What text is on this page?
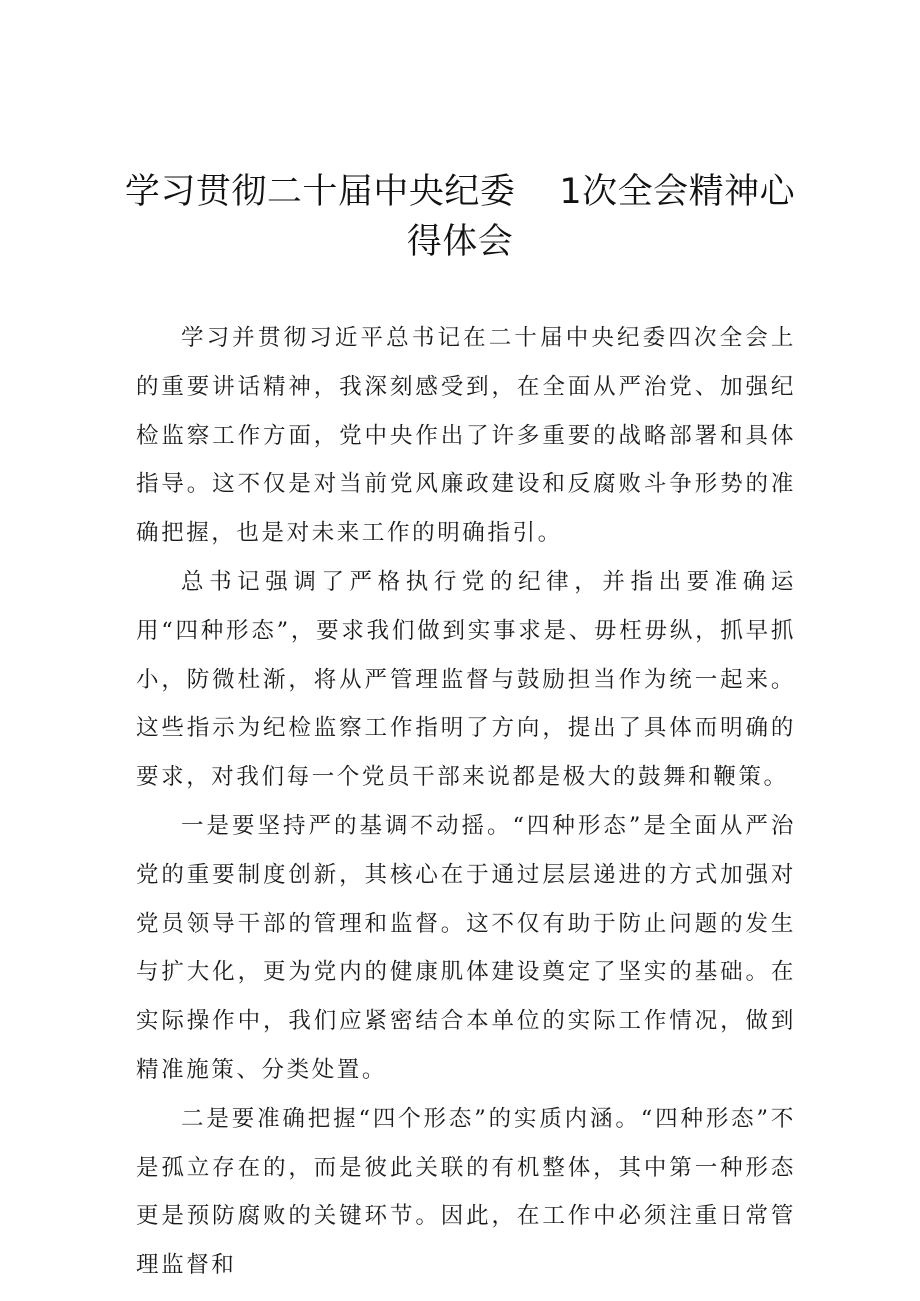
学习贯彻二十届中央纪委 1次全会精神心
得体会

学习并贯彻习近平总书记在二十届中央纪委四次全会上的重要讲话精神，我深刻感受到，在全面从严治党、加强纪检监察工作方面，党中央作出了许多重要的战略部署和具体指导。这不仅是对当前党风廉政建设和反腐败斗争形势的准确把握，也是对未来工作的明确指引。

总书记强调了严格执行党的纪律，并指出要准确运用“四种形态”，要求我们做到实事求是、毋枉毋纵，抓早抓小，防微杜渐，将从严管理监督与鼓励担当作为统一起来。这些指示为纪检监察工作指明了方向，提出了具体而明确的要求，对我们每一个党员干部来说都是极大的鼓舞和鞭策。

一是要坚持严的基调不动摇。“四种形态”是全面从严治党的重要制度创新，其核心在于通过层层递进的方式加强对党员领导干部的管理和监督。这不仅有助于防止问题的发生与扩大化，更为党内的健康肌体建设奠定了坚实的基础。在实际操作中，我们应紧密结合本单位的实际工作情况，做到精准施策、分类处置。

二是要准确把握“四个形态”的实质内涵。“四种形态”不是孤立存在的，而是彼此关联的有机整体，其中第一种形态更是预防腐败的关键环节。因此，在工作中必须注重日常管理监督和
